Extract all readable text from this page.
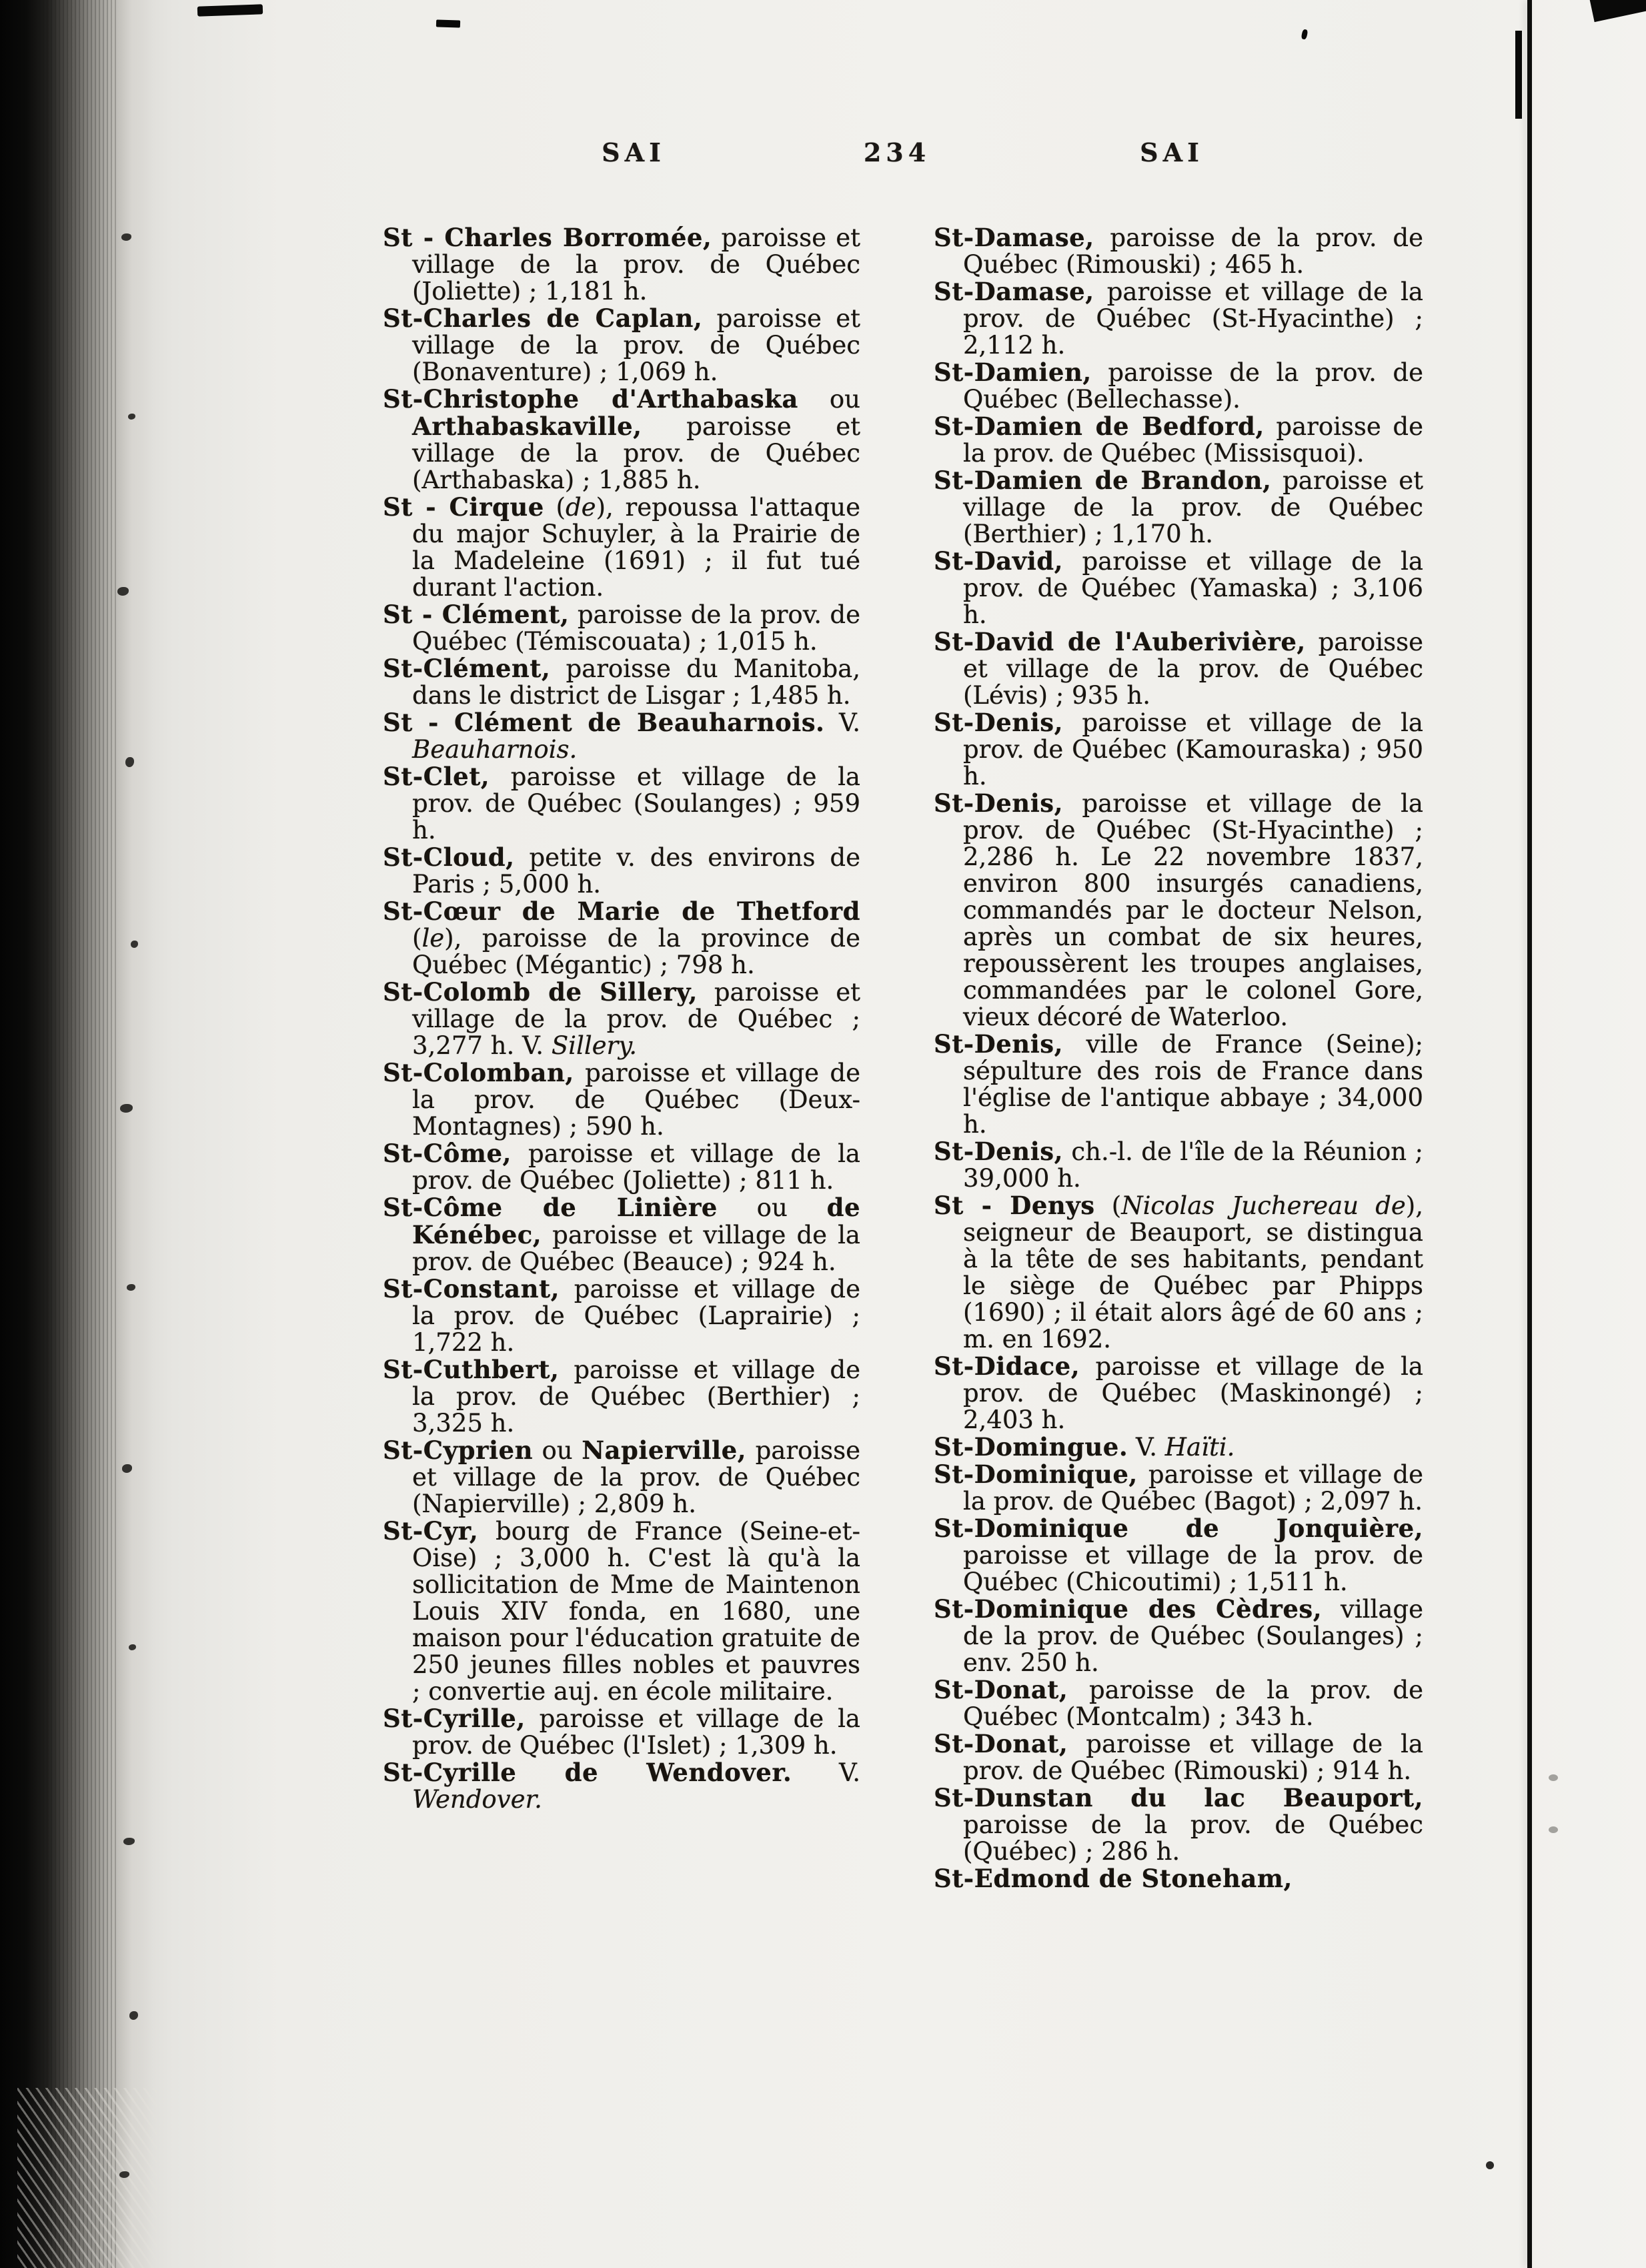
SAI	234	SAI

St - Charles Borromée, paroisse et village de la prov. de Québec (Joliette) ; 1,181 h.

St-Charles de Caplan, paroisse et village de la prov. de Québec (Bonaventure) ; 1,069 h.

St-Christophe d'Arthabaska ou Arthabaskaville, paroisse et village de la prov. de Québec (Arthabaska) ; 1,885 h.

St - Cirque (de), repoussa l'attaque du major Schuyler, à la Prairie de la Madeleine (1691) ; il fut tué durant l'action.

St - Clément, paroisse de la prov. de Québec (Témiscouata) ; 1,015 h.

St-Clément, paroisse du Manitoba, dans le district de Lisgar ; 1,485 h.

St - Clément de Beauharnois. V. Beauharnois.

St-Clet, paroisse et village de la prov. de Québec (Soulanges) ; 959 h.

St-Cloud, petite v. des environs de Paris ; 5,000 h.

St-Cœur de Marie de Thetford (le), paroisse de la province de Québec (Mégantic) ; 798 h.

St-Colomb de Sillery, paroisse et village de la prov. de Québec ; 3,277 h. V. Sillery.

St-Colomban, paroisse et village de la prov. de Québec (Deux-Montagnes) ; 590 h.

St-Côme, paroisse et village de la prov. de Québec (Joliette) ; 811 h.

St-Côme de Linière ou de Kénébec, paroisse et village de la prov. de Québec (Beauce) ; 924 h.

St-Constant, paroisse et village de la prov. de Québec (Laprairie) ; 1,722 h.

St-Cuthbert, paroisse et village de la prov. de Québec (Berthier) ; 3,325 h.

St-Cyprien ou Napierville, paroisse et village de la prov. de Québec (Napierville) ; 2,809 h.

St-Cyr, bourg de France (Seine-et-Oise) ; 3,000 h. C'est là qu'à la sollicitation de Mme de Maintenon Louis XIV fonda, en 1680, une maison pour l'éducation gratuite de 250 jeunes filles nobles et pauvres ; convertie auj. en école militaire.

St-Cyrille, paroisse et village de la prov. de Québec (l'Islet) ; 1,309 h.

St-Cyrille de Wendover. V. Wendover.

St-Damase, paroisse de la prov. de Québec (Rimouski) ; 465 h.

St-Damase, paroisse et village de la prov. de Québec (St-Hyacinthe) ; 2,112 h.

St-Damien, paroisse de la prov. de Québec (Bellechasse).

St-Damien de Bedford, paroisse de la prov. de Québec (Missisquoi).

St-Damien de Brandon, paroisse et village de la prov. de Québec (Berthier) ; 1,170 h.

St-David, paroisse et village de la prov. de Québec (Yamaska) ; 3,106 h.

St-David de l'Auberivière, paroisse et village de la prov. de Québec (Lévis) ; 935 h.

St-Denis, paroisse et village de la prov. de Québec (Kamouraska) ; 950 h.

St-Denis, paroisse et village de la prov. de Québec (St-Hyacinthe) ; 2,286 h. Le 22 novembre 1837, environ 800 insurgés canadiens, commandés par le docteur Nelson, après un combat de six heures, repoussèrent les troupes anglaises, commandées par le colonel Gore, vieux décoré de Waterloo.

St-Denis, ville de France (Seine); sépulture des rois de France dans l'église de l'antique abbaye ; 34,000 h.

St-Denis, ch.-l. de l'île de la Réunion ; 39,000 h.

St - Denys (Nicolas Juchereau de), seigneur de Beauport, se distingua à la tête de ses habitants, pendant le siège de Québec par Phipps (1690) ; il était alors âgé de 60 ans ; m. en 1692.

St-Didace, paroisse et village de la prov. de Québec (Maskinongé) ; 2,403 h.

St-Domingue. V. Haïti.

St-Dominique, paroisse et village de la prov. de Québec (Bagot) ; 2,097 h.

St-Dominique de Jonquière, paroisse et village de la prov. de Québec (Chicoutimi) ; 1,511 h.

St-Dominique des Cèdres, village de la prov. de Québec (Soulanges) ; env. 250 h.

St-Donat, paroisse de la prov. de Québec (Montcalm) ; 343 h.

St-Donat, paroisse et village de la prov. de Québec (Rimouski) ; 914 h.

St-Dunstan du lac Beauport, paroisse de la prov. de Québec (Québec) ; 286 h.

St-Edmond de Stoneham,
